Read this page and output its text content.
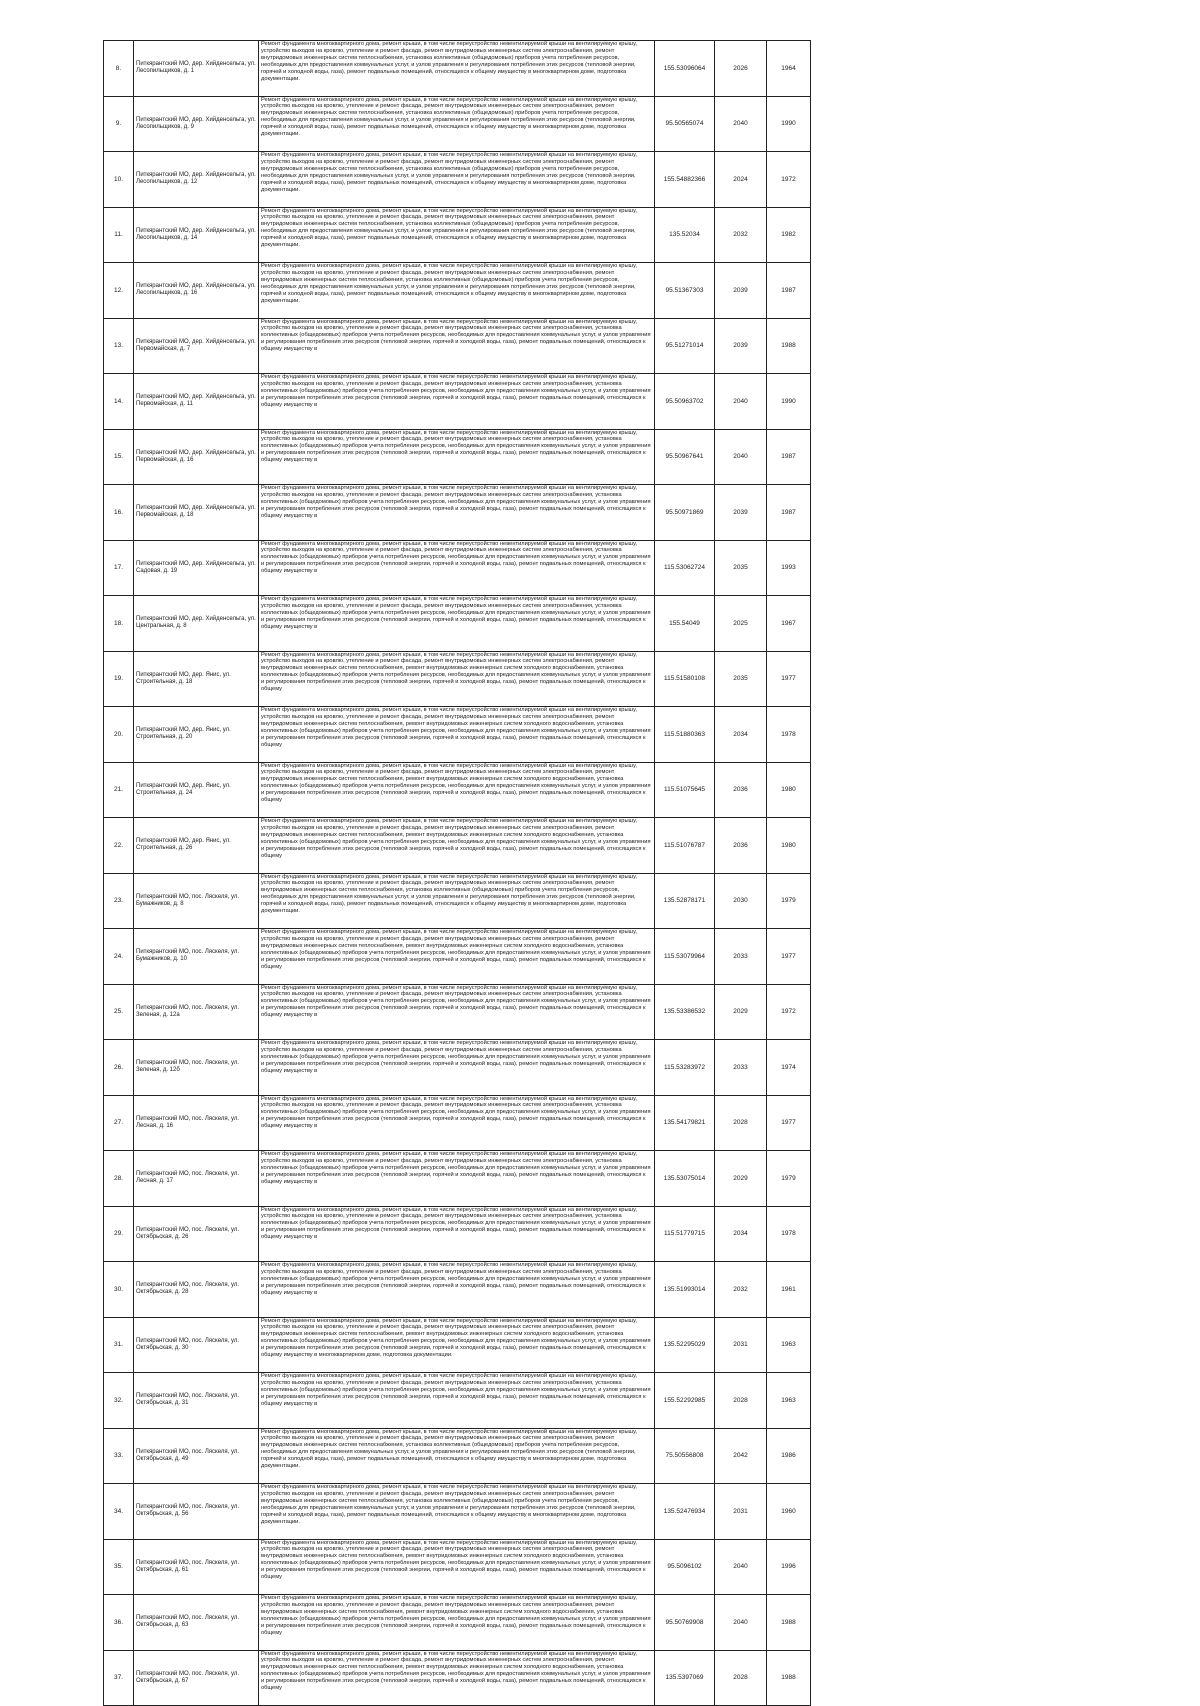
8.	Питкярантский МО, дер. Хийденсельга, ул. Лесопильщиков, д. 1	Ремонт фундамента многоквартирного дома, ремонт крыши, в том числе переустройство невентилируемой крыши на вентилируемую крышу, устройство выходов на кровлю, утепление и ремонт фасада, ремонт внутридомовых инженерных систем электроснабжения, ремонт внутридомовых инженерных систем теплоснабжения, установка коллективных (общедомовых) приборов учета потребления ресурсов, необходимых для предоставления коммунальных услуг, и узлов управления и регулирования потребления этих ресурсов (тепловой энергии, горячей и холодной воды, газа), ремонт подвальных помещений, относящихся к общему имуществу в многоквартирном доме, подготовка документации.	155.53096064	2026	1964
9.	Питкярантский МО, дер. Хийденсельга, ул. Лесопильщиков, д. 9	Ремонт фундамента многоквартирного дома, ремонт крыши, в том числе переустройство невентилируемой крыши на вентилируемую крышу, устройство выходов на кровлю, утепление и ремонт фасада, ремонт внутридомовых инженерных систем электроснабжения, ремонт внутридомовых инженерных систем теплоснабжения, установка коллективных (общедомовых) приборов учета потребления ресурсов, необходимых для предоставления коммунальных услуг, и узлов управления и регулирования потребления этих ресурсов (тепловой энергии, горячей и холодной воды, газа), ремонт подвальных помещений, относящихся к общему имуществу в многоквартирном доме, подготовка документации.	95.50565074	2040	1990
10.	Питкярантский МО, дер. Хийденсельга, ул. Лесопильщиков, д. 12	Ремонт фундамента многоквартирного дома, ремонт крыши, в том числе переустройство невентилируемой крыши на вентилируемую крышу, устройство выходов на кровлю, утепление и ремонт фасада, ремонт внутридомовых инженерных систем электроснабжения, ремонт внутридомовых инженерных систем теплоснабжения, установка коллективных (общедомовых) приборов учета потребления ресурсов, необходимых для предоставления коммунальных услуг, и узлов управления и регулирования потребления этих ресурсов (тепловой энергии, горячей и холодной воды, газа), ремонт подвальных помещений, относящихся к общему имуществу в многоквартирном доме, подготовка документации.	155.54882366	2024	1972
11.	Питкярантский МО, дер. Хийденсельга, ул. Лесопильщиков, д. 14	Ремонт фундамента многоквартирного дома, ремонт крыши, в том числе переустройство невентилируемой крыши на вентилируемую крышу, устройство выходов на кровлю, утепление и ремонт фасада, ремонт внутридомовых инженерных систем электроснабжения, ремонт внутридомовых инженерных систем теплоснабжения, установка коллективных (общедомовых) приборов учета потребления ресурсов, необходимых для предоставления коммунальных услуг, и узлов управления и регулирования потребления этих ресурсов (тепловой энергии, горячей и холодной воды, газа), ремонт подвальных помещений, относящихся к общему имуществу в многоквартирном доме, подготовка документации.	135.52034	2032	1982
12.	Питкярантский МО, дер. Хийденсельга, ул. Лесопильщиков, д. 16	Ремонт фундамента многоквартирного дома, ремонт крыши, в том числе переустройство невентилируемой крыши на вентилируемую крышу, устройство выходов на кровлю, утепление и ремонт фасада, ремонт внутридомовых инженерных систем электроснабжения, ремонт внутридомовых инженерных систем теплоснабжения, установка коллективных (общедомовых) приборов учета потребления ресурсов, необходимых для предоставления коммунальных услуг, и узлов управления и регулирования потребления этих ресурсов (тепловой энергии, горячей и холодной воды, газа), ремонт подвальных помещений, относящихся к общему имуществу в многоквартирном доме, подготовка документации.	95.51367303	2039	1987
13.	Питкярантский МО, дер. Хийденсельга, ул. Первомайская, д. 7	Ремонт фундамента многоквартирного дома, ремонт крыши, в том числе переустройство невентилируемой крыши на вентилируемую крышу, устройство выходов на кровлю, утепление и ремонт фасада, ремонт внутридомовых инженерных систем электроснабжения, установка коллективных (общедомовых) приборов учета потребления ресурсов, необходимых для предоставления коммунальных услуг, и узлов управления и регулирования потребления этих ресурсов (тепловой энергии, горячей и холодной воды, газа), ремонт подвальных помещений, относящихся к общему имуществу в	95.51271014	2039	1988
14.	Питкярантский МО, дер. Хийденсельга, ул. Первомайская, д. 11	Ремонт фундамента многоквартирного дома, ремонт крыши, в том числе переустройство невентилируемой крыши на вентилируемую крышу, устройство выходов на кровлю, утепление и ремонт фасада, ремонт внутридомовых инженерных систем электроснабжения, установка коллективных (общедомовых) приборов учета потребления ресурсов, необходимых для предоставления коммунальных услуг, и узлов управления и регулирования потребления этих ресурсов (тепловой энергии, горячей и холодной воды, газа), ремонт подвальных помещений, относящихся к общему имуществу в	95.50963702	2040	1990
15.	Питкярантский МО, дер. Хийденсельга, ул. Первомайская, д. 16	Ремонт фундамента многоквартирного дома, ремонт крыши, в том числе переустройство невентилируемой крыши на вентилируемую крышу, устройство выходов на кровлю, утепление и ремонт фасада, ремонт внутридомовых инженерных систем электроснабжения, установка коллективных (общедомовых) приборов учета потребления ресурсов, необходимых для предоставления коммунальных услуг, и узлов управления и регулирования потребления этих ресурсов (тепловой энергии, горячей и холодной воды, газа), ремонт подвальных помещений, относящихся к общему имуществу в	95.50967641	2040	1987
16.	Питкярантский МО, дер. Хийденсельга, ул. Первомайская, д. 18	Ремонт фундамента многоквартирного дома, ремонт крыши, в том числе переустройство невентилируемой крыши на вентилируемую крышу, устройство выходов на кровлю, утепление и ремонт фасада, ремонт внутридомовых инженерных систем электроснабжения, установка коллективных (общедомовых) приборов учета потребления ресурсов, необходимых для предоставления коммунальных услуг, и узлов управления и регулирования потребления этих ресурсов (тепловой энергии, горячей и холодной воды, газа), ремонт подвальных помещений, относящихся к общему имуществу в	95.50971869	2039	1987
17.	Питкярантский МО, дер. Хийденсельга, ул. Садовая, д. 19	Ремонт фундамента многоквартирного дома, ремонт крыши, в том числе переустройство невентилируемой крыши на вентилируемую крышу, устройство выходов на кровлю, утепление и ремонт фасада, ремонт внутридомовых инженерных систем электроснабжения, установка коллективных (общедомовых) приборов учета потребления ресурсов, необходимых для предоставления коммунальных услуг, и узлов управления и регулирования потребления этих ресурсов (тепловой энергии, горячей и холодной воды, газа), ремонт подвальных помещений, относящихся к общему имуществу в	115.53062724	2035	1993
18.	Питкярантский МО, дер. Хийденсельга, ул. Центральная, д. 8	Ремонт фундамента многоквартирного дома, ремонт крыши, в том числе переустройство невентилируемой крыши на вентилируемую крышу, устройство выходов на кровлю, утепление и ремонт фасада, ремонт внутридомовых инженерных систем электроснабжения, установка коллективных (общедомовых) приборов учета потребления ресурсов, необходимых для предоставления коммунальных услуг, и узлов управления и регулирования потребления этих ресурсов (тепловой энергии, горячей и холодной воды, газа), ремонт подвальных помещений, относящихся к общему имуществу в	155.54049	2025	1967
19.	Питкярантский МО, дер. Янис, ул. Строительная, д. 18	Ремонт фундамента многоквартирного дома, ремонт крыши, в том числе переустройство невентилируемой крыши на вентилируемую крышу, устройство выходов на кровлю, утепление и ремонт фасада, ремонт внутридомовых инженерных систем электроснабжения, ремонт внутридомовых инженерных систем теплоснабжения, ремонт внутридомовых инженерных систем холодного водоснабжения, установка коллективных (общедомовых) приборов учета потребления ресурсов, необходимых для предоставления коммунальных услуг, и узлов управления и регулирования потребления этих ресурсов (тепловой энергии, горячей и холодной воды, газа), ремонт подвальных помещений, относящихся к общему	115.51580108	2035	1977
20.	Питкярантский МО, дер. Янис, ул. Строительная, д. 20	Ремонт фундамента многоквартирного дома, ремонт крыши, в том числе переустройство невентилируемой крыши на вентилируемую крышу, устройство выходов на кровлю, утепление и ремонт фасада, ремонт внутридомовых инженерных систем электроснабжения, ремонт внутридомовых инженерных систем теплоснабжения, ремонт внутридомовых инженерных систем холодного водоснабжения, установка коллективных (общедомовых) приборов учета потребления ресурсов, необходимых для предоставления коммунальных услуг, и узлов управления и регулирования потребления этих ресурсов (тепловой энергии, горячей и холодной воды, газа), ремонт подвальных помещений, относящихся к общему	115.51880363	2034	1978
21.	Питкярантский МО, дер. Янис, ул. Строительная, д. 24	Ремонт фундамента многоквартирного дома, ремонт крыши, в том числе переустройство невентилируемой крыши на вентилируемую крышу, устройство выходов на кровлю, утепление и ремонт фасада, ремонт внутридомовых инженерных систем электроснабжения, ремонт внутридомовых инженерных систем теплоснабжения, ремонт внутридомовых инженерных систем холодного водоснабжения, установка коллективных (общедомовых) приборов учета потребления ресурсов, необходимых для предоставления коммунальных услуг, и узлов управления и регулирования потребления этих ресурсов (тепловой энергии, горячей и холодной воды, газа), ремонт подвальных помещений, относящихся к общему	115.51075645	2036	1980
22.	Питкярантский МО, дер. Янис, ул. Строительная, д. 26	Ремонт фундамента многоквартирного дома, ремонт крыши, в том числе переустройство невентилируемой крыши на вентилируемую крышу, устройство выходов на кровлю, утепление и ремонт фасада, ремонт внутридомовых инженерных систем электроснабжения, ремонт внутридомовых инженерных систем теплоснабжения, ремонт внутридомовых инженерных систем холодного водоснабжения, установка коллективных (общедомовых) приборов учета потребления ресурсов, необходимых для предоставления коммунальных услуг, и узлов управления и регулирования потребления этих ресурсов (тепловой энергии, горячей и холодной воды, газа), ремонт подвальных помещений, относящихся к общему	115.51076787	2036	1980
23.	Питкярантский МО, пос. Ляскеля, ул. Бумажников, д. 8	Ремонт фундамента многоквартирного дома, ремонт крыши, в том числе переустройство невентилируемой крыши на вентилируемую крышу, устройство выходов на кровлю, утепление и ремонт фасада, ремонт внутридомовых инженерных систем электроснабжения, ремонт внутридомовых инженерных систем теплоснабжения, установка коллективных (общедомовых) приборов учета потребления ресурсов, необходимых для предоставления коммунальных услуг, и узлов управления и регулирования потребления этих ресурсов (тепловой энергии, горячей и холодной воды, газа), ремонт подвальных помещений, относящихся к общему имуществу в многоквартирном доме, подготовка документации.	135.52878171	2030	1979
24.	Питкярантский МО, пос. Ляскеля, ул. Бумажников, д. 10	Ремонт фундамента многоквартирного дома, ремонт крыши, в том числе переустройство невентилируемой крыши на вентилируемую крышу, устройство выходов на кровлю, утепление и ремонт фасада, ремонт внутридомовых инженерных систем электроснабжения, ремонт внутридомовых инженерных систем теплоснабжения, ремонт внутридомовых инженерных систем холодного водоснабжения, установка коллективных (общедомовых) приборов учета потребления ресурсов, необходимых для предоставления коммунальных услуг, и узлов управления и регулирования потребления этих ресурсов (тепловой энергии, горячей и холодной воды, газа), ремонт подвальных помещений, относящихся к общему	115.53079964	2033	1977
25.	Питкярантский МО, пос. Ляскеля, ул. Зеленая, д. 12а	Ремонт фундамента многоквартирного дома, ремонт крыши, в том числе переустройство невентилируемой крыши на вентилируемую крышу, устройство выходов на кровлю, утепление и ремонт фасада, ремонт внутридомовых инженерных систем электроснабжения, установка коллективных (общедомовых) приборов учета потребления ресурсов, необходимых для предоставления коммунальных услуг, и узлов управления и регулирования потребления этих ресурсов (тепловой энергии, горячей и холодной воды, газа), ремонт подвальных помещений, относящихся к общему имуществу в	135.53386532	2029	1972
26.	Питкярантский МО, пос. Ляскеля, ул. Зеленая, д. 12б	Ремонт фундамента многоквартирного дома, ремонт крыши, в том числе переустройство невентилируемой крыши на вентилируемую крышу, устройство выходов на кровлю, утепление и ремонт фасада, ремонт внутридомовых инженерных систем электроснабжения, установка коллективных (общедомовых) приборов учета потребления ресурсов, необходимых для предоставления коммунальных услуг, и узлов управления и регулирования потребления этих ресурсов (тепловой энергии, горячей и холодной воды, газа), ремонт подвальных помещений, относящихся к общему имуществу в	115.53283972	2033	1974
27.	Питкярантский МО, пос. Ляскеля, ул. Лесная, д. 16	Ремонт фундамента многоквартирного дома, ремонт крыши, в том числе переустройство невентилируемой крыши на вентилируемую крышу, устройство выходов на кровлю, утепление и ремонт фасада, ремонт внутридомовых инженерных систем электроснабжения, установка коллективных (общедомовых) приборов учета потребления ресурсов, необходимых для предоставления коммунальных услуг, и узлов управления и регулирования потребления этих ресурсов (тепловой энергии, горячей и холодной воды, газа), ремонт подвальных помещений, относящихся к общему имуществу в	135.54179821	2028	1977
28.	Питкярантский МО, пос. Ляскеля, ул. Лесная, д. 17	Ремонт фундамента многоквартирного дома, ремонт крыши, в том числе переустройство невентилируемой крыши на вентилируемую крышу, устройство выходов на кровлю, утепление и ремонт фасада, ремонт внутридомовых инженерных систем электроснабжения, установка коллективных (общедомовых) приборов учета потребления ресурсов, необходимых для предоставления коммунальных услуг, и узлов управления и регулирования потребления этих ресурсов (тепловой энергии, горячей и холодной воды, газа), ремонт подвальных помещений, относящихся к общему имуществу в	135.53075014	2029	1979
29.	Питкярантский МО, пос. Ляскеля, ул. Октябрьская, д. 26	Ремонт фундамента многоквартирного дома, ремонт крыши, в том числе переустройство невентилируемой крыши на вентилируемую крышу, устройство выходов на кровлю, утепление и ремонт фасада, ремонт внутридомовых инженерных систем электроснабжения, установка коллективных (общедомовых) приборов учета потребления ресурсов, необходимых для предоставления коммунальных услуг, и узлов управления и регулирования потребления этих ресурсов (тепловой энергии, горячей и холодной воды, газа), ремонт подвальных помещений, относящихся к общему имуществу в	115.51779715	2034	1978
30.	Питкярантский МО, пос. Ляскеля, ул. Октябрьская, д. 28	Ремонт фундамента многоквартирного дома, ремонт крыши, в том числе переустройство невентилируемой крыши на вентилируемую крышу, устройство выходов на кровлю, утепление и ремонт фасада, ремонт внутридомовых инженерных систем электроснабжения, установка коллективных (общедомовых) приборов учета потребления ресурсов, необходимых для предоставления коммунальных услуг, и узлов управления и регулирования потребления этих ресурсов (тепловой энергии, горячей и холодной воды, газа), ремонт подвальных помещений, относящихся к общему имуществу в	135.51993014	2032	1961
31.	Питкярантский МО, пос. Ляскеля, ул. Октябрьская, д. 30	Ремонт фундамента многоквартирного дома, ремонт крыши, в том числе переустройство невентилируемой крыши на вентилируемую крышу, устройство выходов на кровлю, утепление и ремонт фасада, ремонт внутридомовых инженерных систем электроснабжения, ремонт внутридомовых инженерных систем теплоснабжения, ремонт внутридомовых инженерных систем холодного водоснабжения, установка коллективных (общедомовых) приборов учета потребления ресурсов, необходимых для предоставления коммунальных услуг, и узлов управления и регулирования потребления этих ресурсов (тепловой энергии, горячей и холодной воды, газа), ремонт подвальных помещений, относящихся к общему имуществу в многоквартирном доме, подготовка документации.	135.52295029	2031	1963
32.	Питкярантский МО, пос. Ляскеля, ул. Октябрьская, д. 31	Ремонт фундамента многоквартирного дома, ремонт крыши, в том числе переустройство невентилируемой крыши на вентилируемую крышу, устройство выходов на кровлю, утепление и ремонт фасада, ремонт внутридомовых инженерных систем электроснабжения, установка коллективных (общедомовых) приборов учета потребления ресурсов, необходимых для предоставления коммунальных услуг, и узлов управления и регулирования потребления этих ресурсов (тепловой энергии, горячей и холодной воды, газа), ремонт подвальных помещений, относящихся к общему имуществу в	155.52292985	2028	1963
33.	Питкярантский МО, пос. Ляскеля, ул. Октябрьская, д. 49	Ремонт фундамента многоквартирного дома, ремонт крыши, в том числе переустройство невентилируемой крыши на вентилируемую крышу, устройство выходов на кровлю, утепление и ремонт фасада, ремонт внутридомовых инженерных систем электроснабжения, ремонт внутридомовых инженерных систем теплоснабжения, установка коллективных (общедомовых) приборов учета потребления ресурсов, необходимых для предоставления коммунальных услуг, и узлов управления и регулирования потребления этих ресурсов (тепловой энергии, горячей и холодной воды, газа), ремонт подвальных помещений, относящихся к общему имуществу в многоквартирном доме, подготовка документации.	75.50556808	2042	1986
34.	Питкярантский МО, пос. Ляскеля, ул. Октябрьская, д. 56	Ремонт фундамента многоквартирного дома, ремонт крыши, в том числе переустройство невентилируемой крыши на вентилируемую крышу, устройство выходов на кровлю, утепление и ремонт фасада, ремонт внутридомовых инженерных систем электроснабжения, ремонт внутридомовых инженерных систем теплоснабжения, установка коллективных (общедомовых) приборов учета потребления ресурсов, необходимых для предоставления коммунальных услуг, и узлов управления и регулирования потребления этих ресурсов (тепловой энергии, горячей и холодной воды, газа), ремонт подвальных помещений, относящихся к общему имуществу в многоквартирном доме, подготовка документации.	135.52476934	2031	1960
35.	Питкярантский МО, пос. Ляскеля, ул. Октябрьская, д. 61	Ремонт фундамента многоквартирного дома, ремонт крыши, в том числе переустройство невентилируемой крыши на вентилируемую крышу, устройство выходов на кровлю, утепление и ремонт фасада, ремонт внутридомовых инженерных систем электроснабжения, ремонт внутридомовых инженерных систем теплоснабжения, ремонт внутридомовых инженерных систем холодного водоснабжения, установка коллективных (общедомовых) приборов учета потребления ресурсов, необходимых для предоставления коммунальных услуг, и узлов управления и регулирования потребления этих ресурсов (тепловой энергии, горячей и холодной воды, газа), ремонт подвальных помещений, относящихся к общему	95.5096102	2040	1996
36.	Питкярантский МО, пос. Ляскеля, ул. Октябрьская, д. 63	Ремонт фундамента многоквартирного дома, ремонт крыши, в том числе переустройство невентилируемой крыши на вентилируемую крышу, устройство выходов на кровлю, утепление и ремонт фасада, ремонт внутридомовых инженерных систем электроснабжения, ремонт внутридомовых инженерных систем теплоснабжения, ремонт внутридомовых инженерных систем холодного водоснабжения, установка коллективных (общедомовых) приборов учета потребления ресурсов, необходимых для предоставления коммунальных услуг, и узлов управления и регулирования потребления этих ресурсов (тепловой энергии, горячей и холодной воды, газа), ремонт подвальных помещений, относящихся к общему	95.50769908	2040	1988
37.	Питкярантский МО, пос. Ляскеля, ул. Октябрьская, д. 67	Ремонт фундамента многоквартирного дома, ремонт крыши, в том числе переустройство невентилируемой крыши на вентилируемую крышу, устройство выходов на кровлю, утепление и ремонт фасада, ремонт внутридомовых инженерных систем электроснабжения, ремонт внутридомовых инженерных систем теплоснабжения, ремонт внутридомовых инженерных систем холодного водоснабжения, установка коллективных (общедомовых) приборов учета потребления ресурсов, необходимых для предоставления коммунальных услуг, и узлов управления и регулирования потребления этих ресурсов (тепловой энергии, горячей и холодной воды, газа), ремонт подвальных помещений, относящихся к общему	135.5397069	2028	1988
